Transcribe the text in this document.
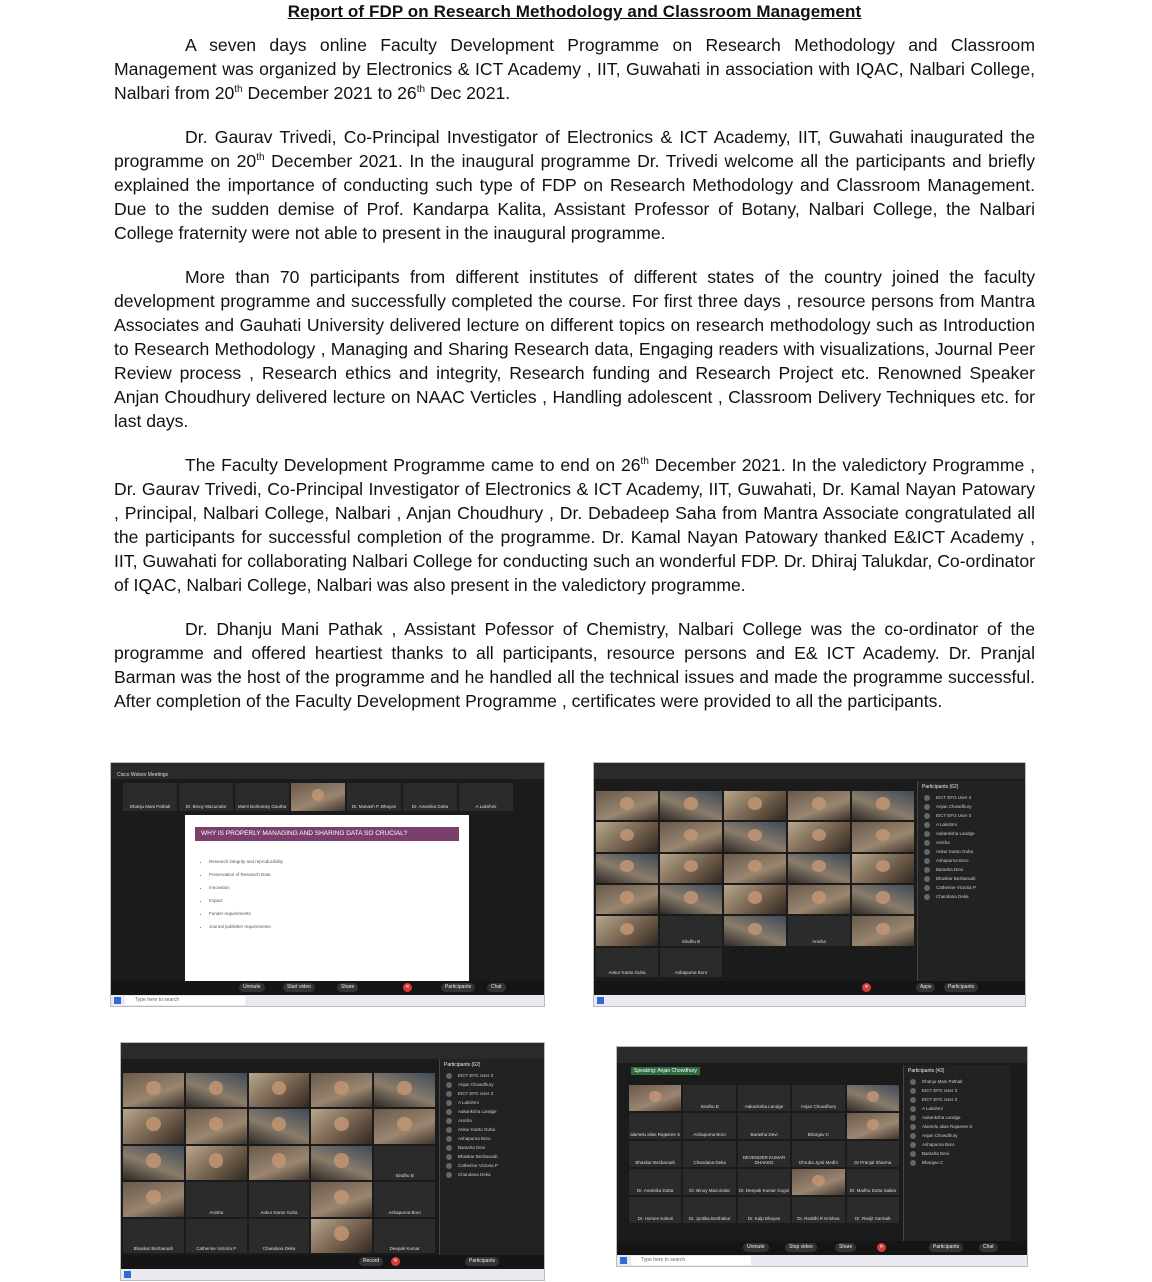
Report of FDP on Research Methodology and Classroom Management

A seven days online Faculty Development Programme on Research Methodology and Classroom Management was organized by Electronics & ICT Academy , IIT, Guwahati in association with IQAC, Nalbari College, Nalbari from 20th December 2021 to 26th Dec 2021.

Dr. Gaurav Trivedi, Co-Principal Investigator of Electronics & ICT Academy, IIT, Guwahati inaugurated the programme on 20th December 2021. In the inaugural programme Dr. Trivedi welcome all the participants and briefly explained the importance of conducting such type of FDP on Research Methodology and Classroom Management. Due to the sudden demise of Prof. Kandarpa Kalita, Assistant Professor of Botany, Nalbari College, the Nalbari College fraternity were not able to present in the inaugural programme.

More than 70 participants from different institutes of different states of the country joined the faculty development programme and successfully completed the course. For first three days , resource persons from Mantra Associates and Gauhati University delivered lecture on different topics on research methodology such as Introduction to Research Methodology , Managing and Sharing Research data, Engaging readers with visualizations, Journal Peer Review process , Research ethics and integrity, Research funding and Research Project etc. Renowned Speaker Anjan Choudhury delivered lecture on NAAC Verticles , Handling adolescent , Classroom Delivery Techniques etc. for last days.

The Faculty Development Programme came to end on 26th December 2021. In the valedictory Programme , Dr. Gaurav Trivedi, Co-Principal Investigator of Electronics & ICT Academy, IIT, Guwahati, Dr. Kamal Nayan Patowary , Principal, Nalbari College, Nalbari , Anjan Choudhury , Dr. Debadeep Saha from Mantra Associate congratulated all the participants for successful completion of the programme. Dr. Kamal Nayan Patowary thanked E&ICT Academy , IIT, Guwahati for collaborating Nalbari College for conducting such an wonderful FDP. Dr. Dhiraj Talukdar, Co-ordinator of IQAC, Nalbari College, Nalbari was also present in the valedictory programme.

Dr. Dhanju Mani Pathak , Assistant Pofessor of Chemistry, Nalbari College was the co-ordinator of the programme and offered heartiest thanks to all participants, resource persons and E& ICT Academy. Dr. Pranjal Barman was the host of the programme and he handled all the technical issues and made the programme successful. After completion of the Faculty Development Programme , certificates were provided to all the participants.

Cisco Webex Meetings
Dhanju Mani Pathak	Dr. Binoy Mazumdar	Mami Borkotoky Gautha	Dr. Manash P. Bhuyan	Dr. Anamika Dutta	A Lakshmi
WHY IS PROPERLY MANAGING AND SHARING DATA SO CRUCIAL?
• Research integrity and reproducibility
• Preservation of Research Data
• Innovation
• Impact
• Funder requirements
• Journal publisher requirements
Unmute	Start video	Share	✕	Participants	Chat
Type here to search
Sindhu B	Anisha
Ankur Kanto Guha	Ashapurna Boro
Participants (62)
EICT EFG User 3
Anjan Chowdhury
EICT EFG User 3
A Lakshmi
Aakanksha Landge
Anisha
Ankur Kanto Guha
Ashapurna Boro
Barasha Devi
Bhaskar Bezbaruah
Catherine Victoria P
Chandana Deka
✕	Apps	Participants
Sindhu B
Anisha	Ankur Kanto Guha	Ashapurna Boro
Bhaskar Bezbaruah	Catherine Victoria P	Chandana Deka	Deepak Kumar
Participants (62)
EICT EFG User 3
Anjan Chowdhury
EICT EFG User 3
A Lakshmi
Aakanksha Landge
Anisha
Ankur Kanto Guha
Ashapurna Boro
Barasha Devi
Bhaskar Bezbaruah
Catherine Victoria P
Chandana Deka
Record	✕	Participants
Speaking: Anjan Chowdhury
Sindhu B	Aakanksha Landge	Anjan Chowdhury
alamelu alias Rajasree S	Ashapurna Boro	Barasha Devi	Bhargav C
Bhaskar Bezbaruah	Chandana Deka
DEVENDER KUMAR DHAKED	Dhruba Jyoti Medhi	Dr Pranjal Sharma
Dr. Anamika Dutta	Dr. Binoy Mazumdar	Dr. Deepak Kumar Gogoi	Dr. Madhu Dutta Saikia
Dr. Homen Kakoti	Dr. Jyotika Borthakur	Dr. Kalp Bhuyan	Dr. Reddhi R Krishna	Dr. Ranjit Sarmah
Participants (43)
Dhanju Mani Pathak
EICT EFG User 3
EICT EFG User 3
A Lakshmi
Aakanksha Landge
Alamelu alias Rajasree S
Anjan Chowdhury
Ashapurna Boro
Barasha Devi
Bhargav C
Unmute	Stop video	Share	✕	Participants	Chat
Type here to search
